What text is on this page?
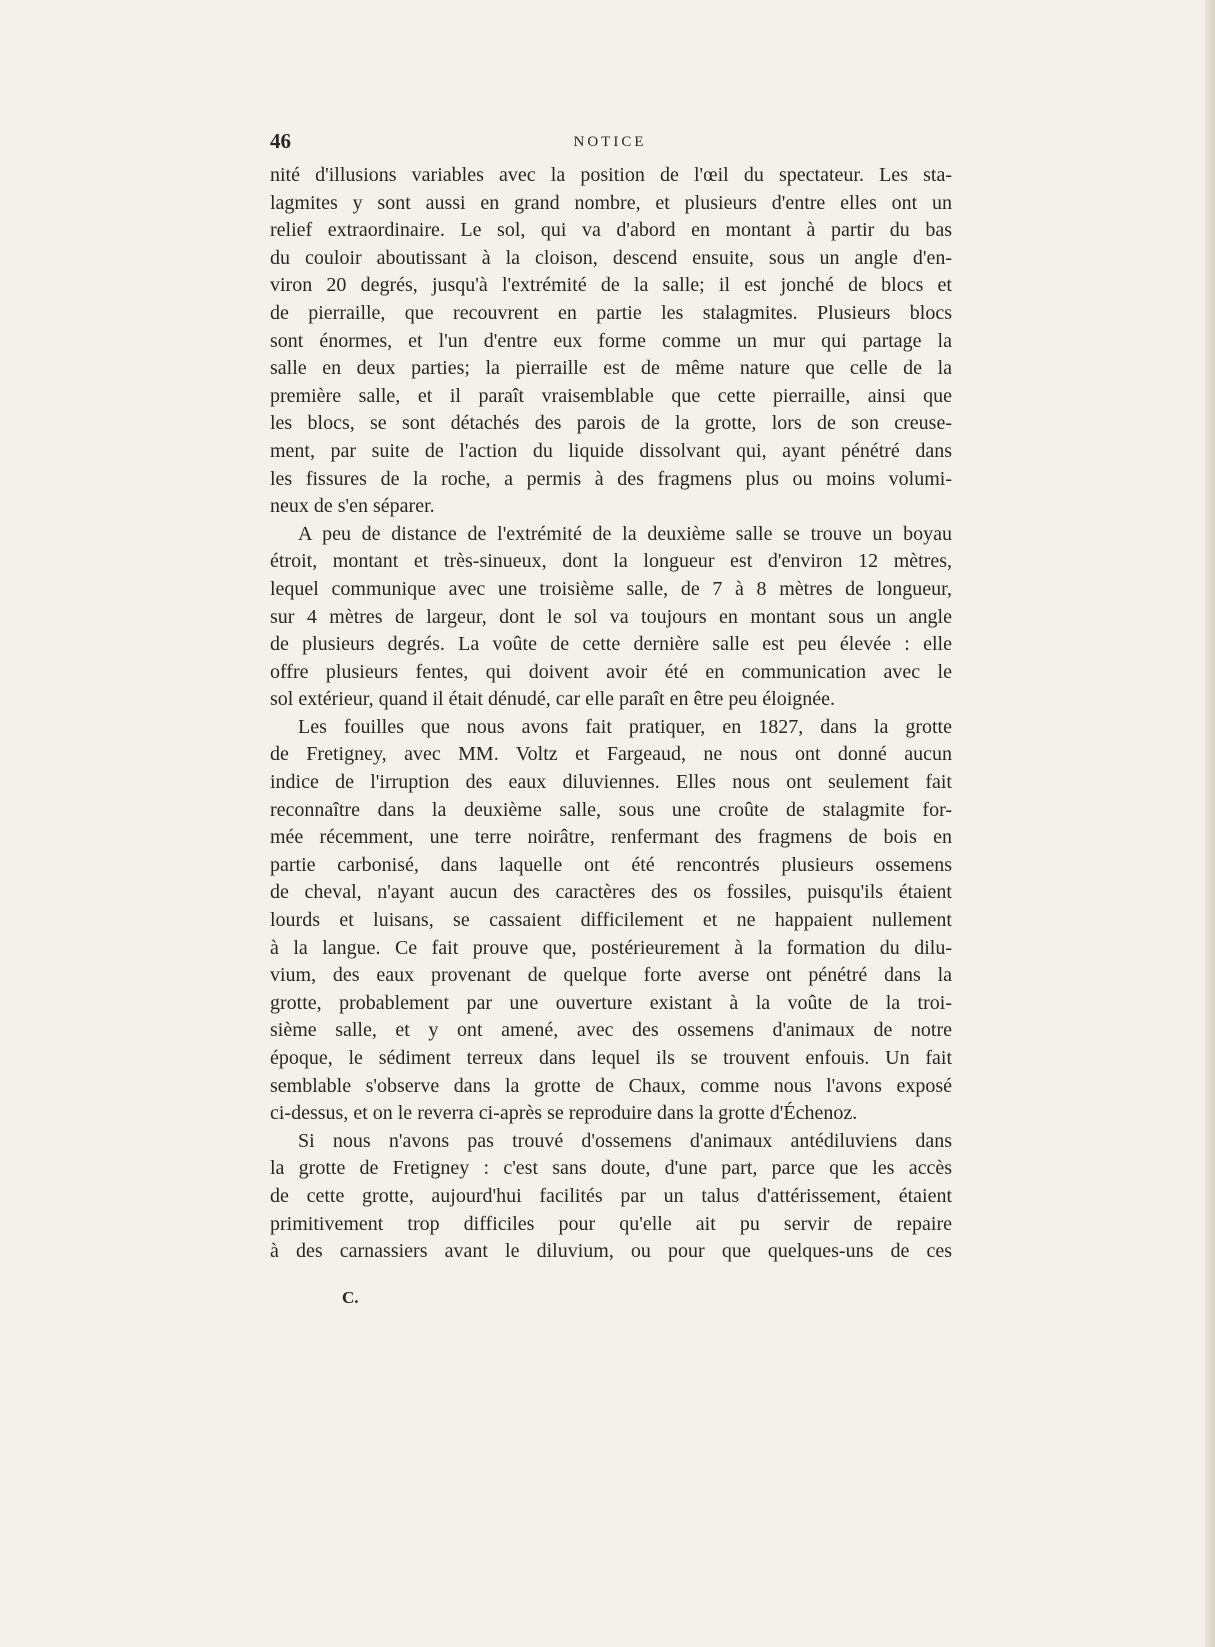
46	NOTICE
nité d'illusions variables avec la position de l'œil du spectateur. Les sta-
lagmites y sont aussi en grand nombre, et plusieurs d'entre elles ont un
relief extraordinaire. Le sol, qui va d'abord en montant à partir du bas
du couloir aboutissant à la cloison, descend ensuite, sous un angle d'en-
viron 20 degrés, jusqu'à l'extrémité de la salle; il est jonché de blocs et
de pierraille, que recouvrent en partie les stalagmites. Plusieurs blocs
sont énormes, et l'un d'entre eux forme comme un mur qui partage la
salle en deux parties; la pierraille est de même nature que celle de la
première salle, et il paraît vraisemblable que cette pierraille, ainsi que
les blocs, se sont détachés des parois de la grotte, lors de son creuse-
ment, par suite de l'action du liquide dissolvant qui, ayant pénétré dans
les fissures de la roche, a permis à des fragmens plus ou moins volumi-
neux de s'en séparer.
A peu de distance de l'extrémité de la deuxième salle se trouve un boyau
étroit, montant et très-sinueux, dont la longueur est d'environ 12 mètres,
lequel communique avec une troisième salle, de 7 à 8 mètres de longueur,
sur 4 mètres de largeur, dont le sol va toujours en montant sous un angle
de plusieurs degrés. La voûte de cette dernière salle est peu élevée : elle
offre plusieurs fentes, qui doivent avoir été en communication avec le
sol extérieur, quand il était dénudé, car elle paraît en être peu éloignée.
Les fouilles que nous avons fait pratiquer, en 1827, dans la grotte
de Fretigney, avec MM. Voltz et Fargeaud, ne nous ont donné aucun
indice de l'irruption des eaux diluviennes. Elles nous ont seulement fait
reconnaître dans la deuxième salle, sous une croûte de stalagmite for-
mée récemment, une terre noirâtre, renfermant des fragmens de bois en
partie carbonisé, dans laquelle ont été rencontrés plusieurs ossemens
de cheval, n'ayant aucun des caractères des os fossiles, puisqu'ils étaient
lourds et luisans, se cassaient difficilement et ne happaient nullement
à la langue. Ce fait prouve que, postérieurement à la formation du dilu-
vium, des eaux provenant de quelque forte averse ont pénétré dans la
grotte, probablement par une ouverture existant à la voûte de la troi-
sième salle, et y ont amené, avec des ossemens d'animaux de notre
époque, le sédiment terreux dans lequel ils se trouvent enfouis. Un fait
semblable s'observe dans la grotte de Chaux, comme nous l'avons exposé
ci-dessus, et on le reverra ci-après se reproduire dans la grotte d'Échenoz.
Si nous n'avons pas trouvé d'ossemens d'animaux antédiluviens dans
la grotte de Fretigney : c'est sans doute, d'une part, parce que les accès
de cette grotte, aujourd'hui facilités par un talus d'attérissement, étaient
primitivement trop difficiles pour qu'elle ait pu servir de repaire
à des carnassiers avant le diluvium, ou pour que quelques-uns de ces
C.
